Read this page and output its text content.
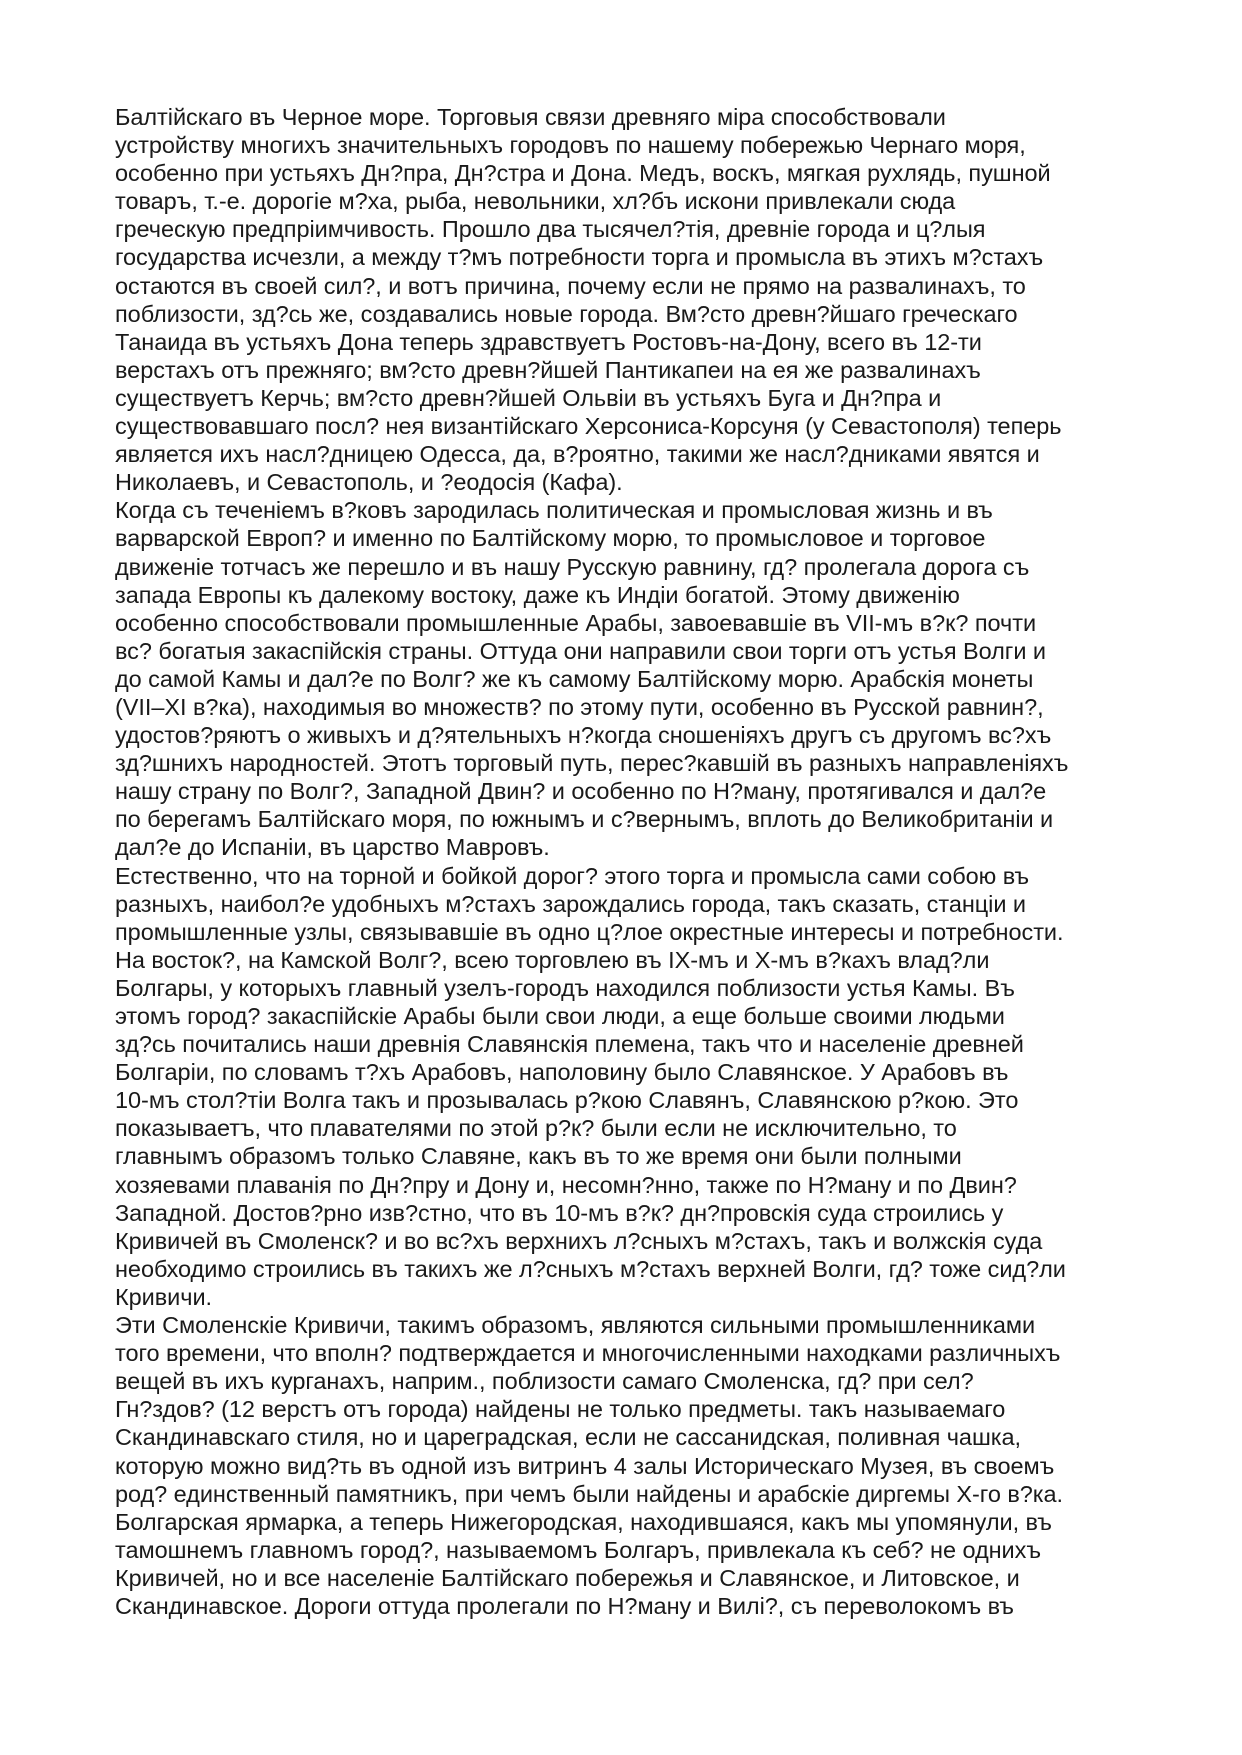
Балтійскаго въ Черное море. Торговыя связи древняго міра способствовали
устройству многихъ значительныхъ городовъ по нашему побережью Чернаго моря,
особенно при устьяхъ Дн?пра, Дн?стра и Дона. Медъ, воскъ, мягкая рухлядь, пушной
товаръ, т.-е. дорогіе м?ха, рыба, невольники, хл?бъ искони привлекали сюда
греческую предпріимчивость. Прошло два тысячел?тія, древніе города и ц?лыя
государства исчезли, а между т?мъ потребности торга и промысла въ этихъ м?стахъ
остаются въ своей сил?, и вотъ причина, почему если не прямо на развалинахъ, то
поблизости, зд?сь же, создавались новые города. Вм?сто древн?йшаго греческаго
Танаида въ устьяхъ Дона теперь здравствуетъ Ростовъ-на-Дону, всего въ 12-ти
верстахъ отъ прежняго; вм?сто древн?йшей Пантикапеи на ея же развалинахъ
существуетъ Керчь; вм?сто древн?йшей Ольвіи въ устьяхъ Буга и Дн?пра и
существовавшаго посл? нея византійскаго Херсониса-Корсуня (у Севастополя) теперь
является ихъ насл?дницею Одесса, да, в?роятно, такими же насл?дниками явятся и
Николаевъ, и Севастополь, и ?еодосія (Кафа).
Когда съ теченіемъ в?ковъ зародилась политическая и промысловая жизнь и въ
варварской Европ? и именно по Балтійскому морю, то промысловое и торговое
движеніе тотчасъ же перешло и въ нашу Русскую равнину, гд? пролегала дорога съ
запада Европы къ далекому востоку, даже къ Индіи богатой. Этому движенію
особенно способствовали промышленные Арабы, завоевавшіе въ VII-мъ в?к? почти
вс? богатыя закаспійскія страны. Оттуда они направили свои торги отъ устья Волги и
до самой Камы и дал?е по Волг? же къ самому Балтійскому морю. Арабскія монеты
(VII–XI в?ка), находимыя во множеств? по этому пути, особенно въ Русской равнин?,
удостов?ряютъ о живыхъ и д?ятельныхъ н?когда сношеніяхъ другъ съ другомъ вс?хъ
зд?шнихъ народностей. Этотъ торговый путь, перес?кавшій въ разныхъ направленіяхъ
нашу страну по Волг?, Западной Двин? и особенно по Н?ману, протягивался и дал?е
по берегамъ Балтійскаго моря, по южнымъ и с?вернымъ, вплоть до Великобританіи и
дал?е до Испаніи, въ царство Мавровъ.
Естественно, что на торной и бойкой дорог? этого торга и промысла сами собою въ
разныхъ, наибол?е удобныхъ м?стахъ зарождались города, такъ сказать, станціи и
промышленные узлы, связывавшіе въ одно ц?лое окрестные интересы и потребности.
На восток?, на Камской Волг?, всею торговлею въ IX-мъ и X-мъ в?кахъ влад?ли
Болгары, у которыхъ главный узелъ-городъ находился поблизости устья Камы. Въ
этомъ город? закаспійскіе Арабы были свои люди, а еще больше своими людьми
зд?сь почитались наши древнія Славянскія племена, такъ что и населеніе древней
Болгаріи, по словамъ т?хъ Арабовъ, наполовину было Славянское. У Арабовъ въ
10-мъ стол?тіи Волга такъ и прозывалась р?кою Славянъ, Славянскою р?кою. Это
показываетъ, что плавателями по этой р?к? были если не исключительно, то
главнымъ образомъ только Славяне, какъ въ то же время они были полными
хозяевами плаванія по Дн?пру и Дону и, несомн?нно, также по Н?ману и по Двин?
Западной. Достов?рно изв?стно, что въ 10-мъ в?к? дн?провскія суда строились у
Кривичей въ Смоленск? и во вс?хъ верхнихъ л?сныхъ м?стахъ, такъ и волжскія суда
необходимо строились въ такихъ же л?сныхъ м?стахъ верхней Волги, гд? тоже сид?ли
Кривичи.
Эти Смоленскіе Кривичи, такимъ образомъ, являются сильными промышленниками
того времени, что вполн? подтверждается и многочисленными находками различныхъ
вещей въ ихъ курганахъ, наприм., поблизости самаго Смоленска, гд? при сел?
Гн?здов? (12 верстъ отъ города) найдены не только предметы. такъ называемаго
Скандинавскаго стиля, но и цареградская, если не сассанидская, поливная чашка,
которую можно вид?ть въ одной изъ витринъ 4 залы Историческаго Музея, въ своемъ
род? единственный памятникъ, при чемъ были найдены и арабскіе диргемы X-го в?ка.
Болгарская ярмарка, а теперь Нижегородская, находившаяся, какъ мы упомянули, въ
тамошнемъ главномъ город?, называемомъ Болгаръ, привлекала къ себ? не однихъ
Кривичей, но и все населеніе Балтійскаго побережья и Славянское, и Литовское, и
Скандинавское. Дороги оттуда пролегали по Н?ману и Вилі?, съ переволокомъ въ
